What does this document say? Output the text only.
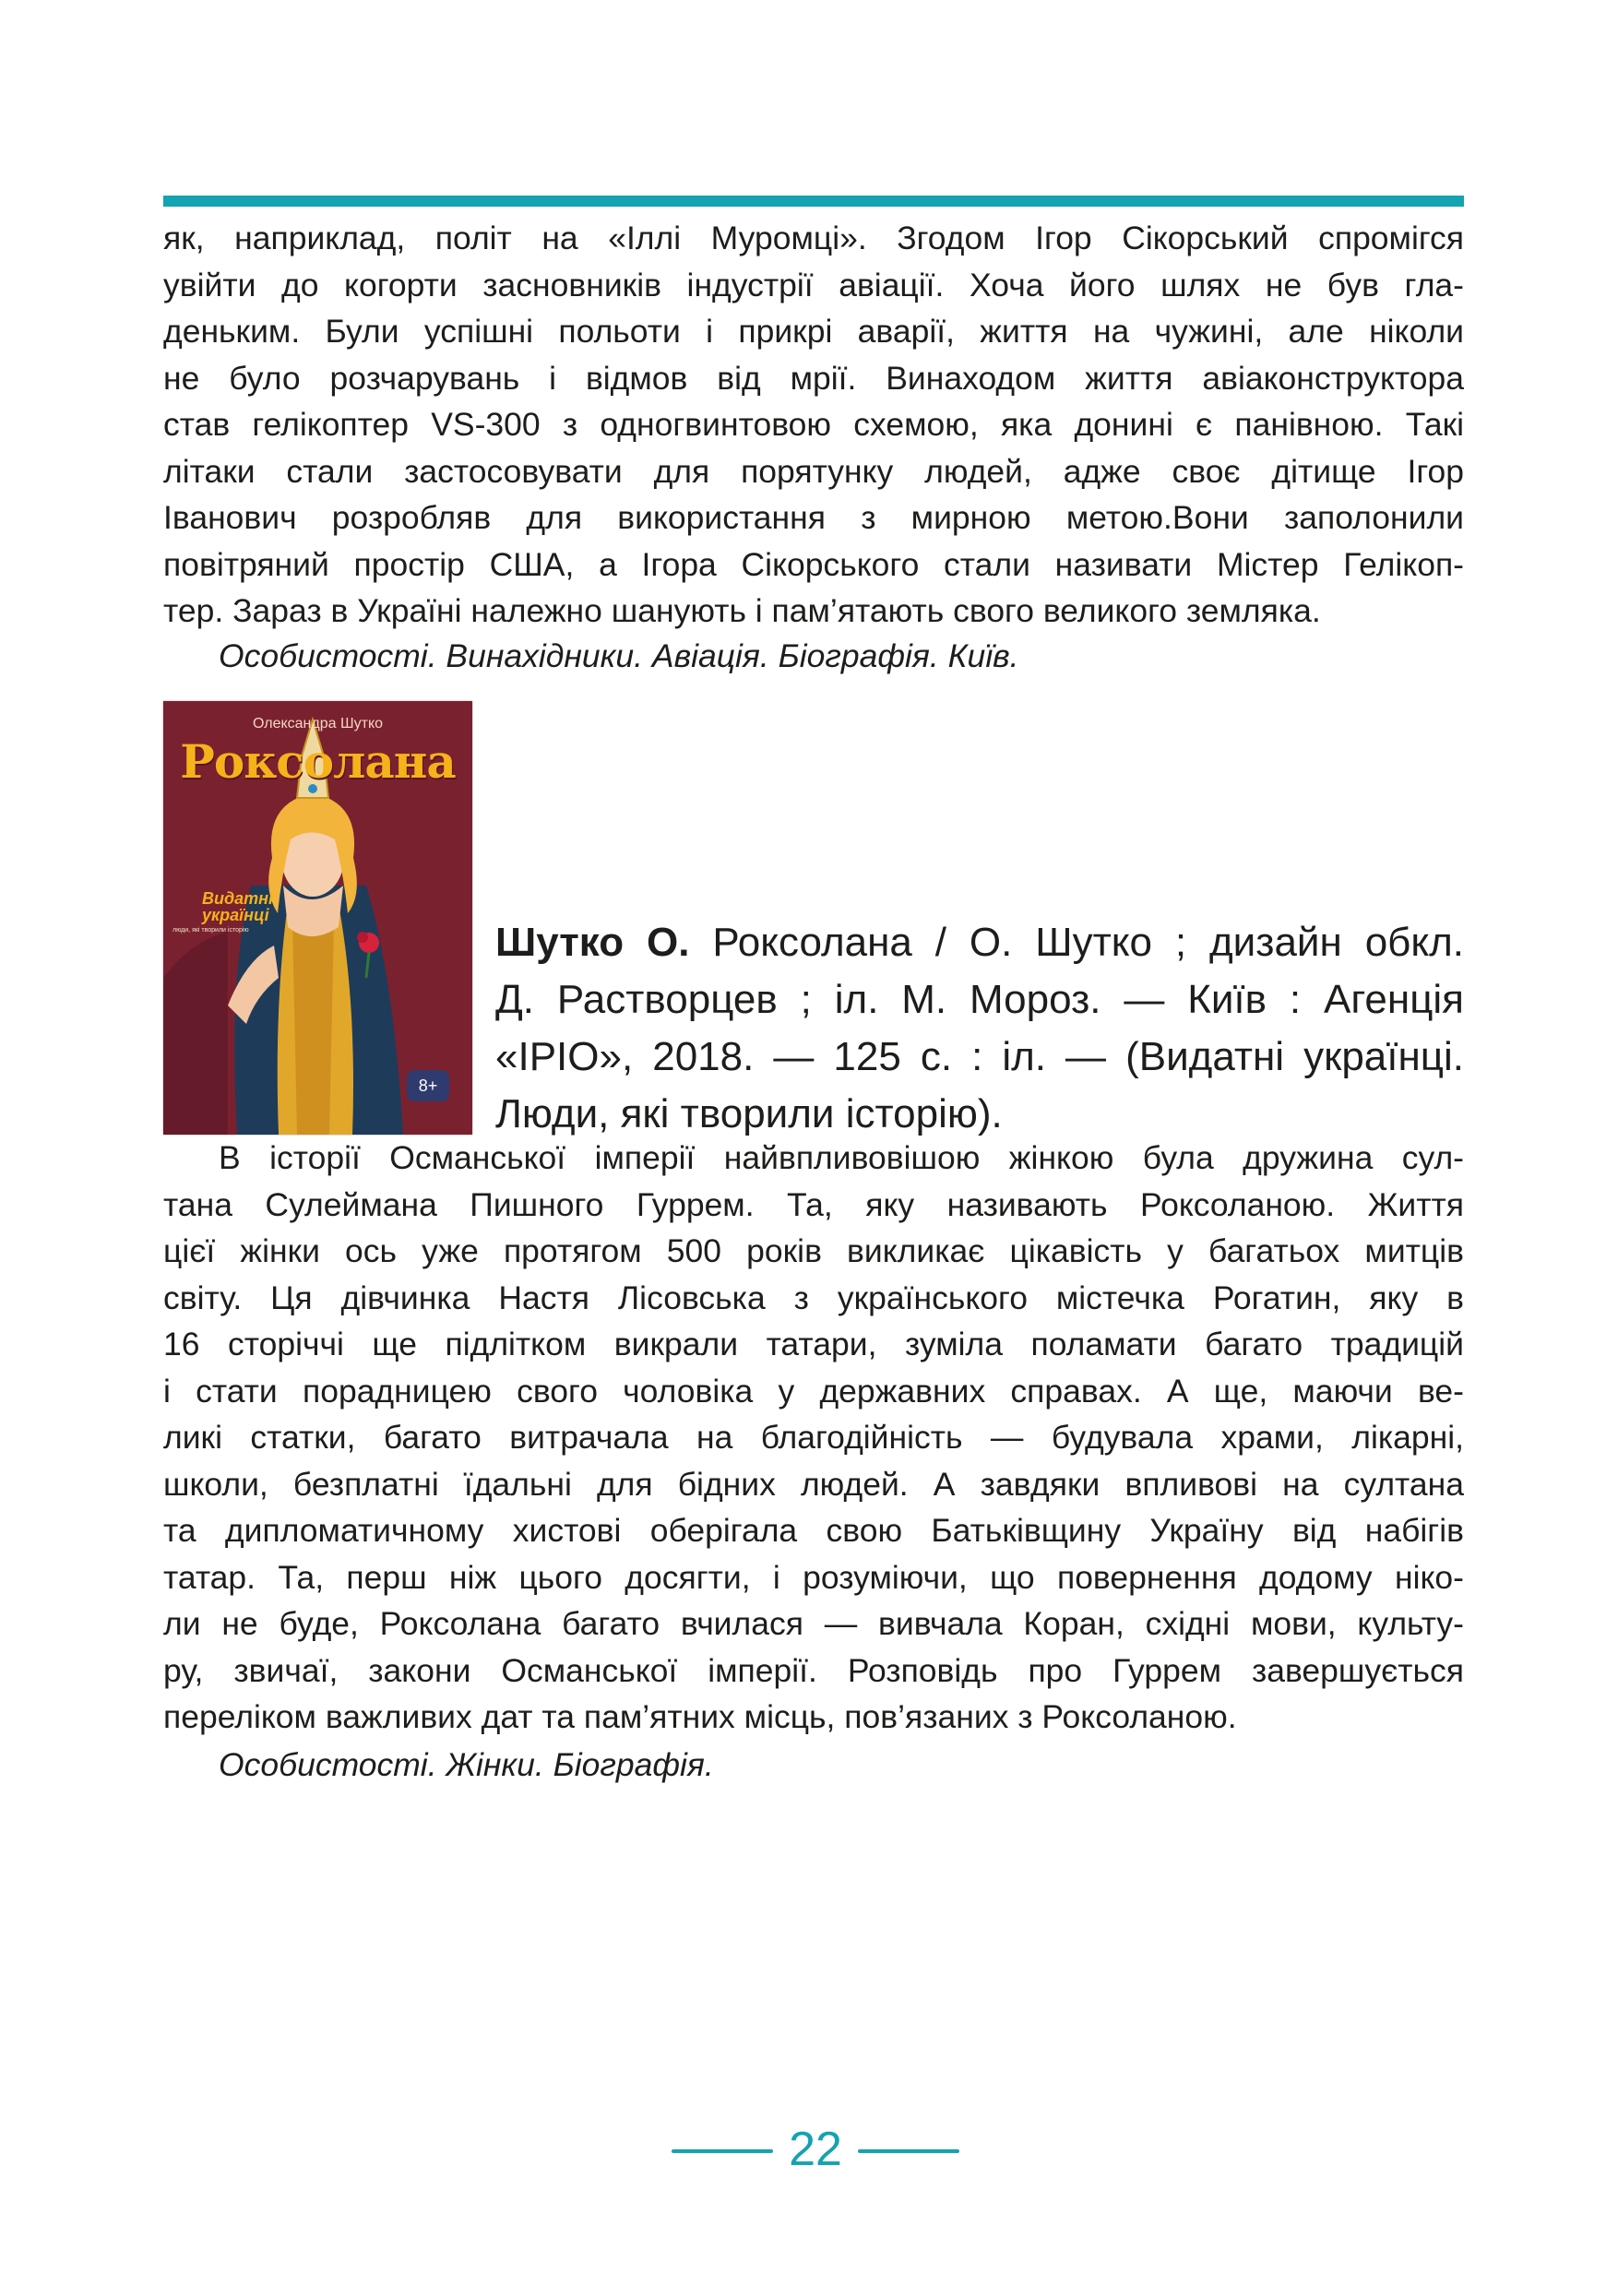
як, наприклад, політ на «Іллі Муромці». Згодом Ігор Сікорський спромігся
увійти до когорти засновників індустрії авіації. Хоча його шлях не був гла-
деньким. Були успішні польоти і прикрі аварії, життя на чужині, але ніколи
не було розчарувань і відмов від мрії. Винаходом життя авіаконструктора
став гелікоптер VS-300 з одногвинтовою схемою, яка донині є панівною. Такі
літаки стали застосовувати для порятунку людей, адже своє дітище Ігор
Іванович розробляв для використання з мирною метою.Вони заполонили
повітряний простір США, а Ігора Сікорського стали називати Містер Гелікоп-
тер. Зараз в Україні належно шанують і пам’ятають свого великого земляка.

Особистості. Винахідники. Авіація. Біографія. Київ.

Олександра Шутко
Роксолана
Видатні українці
люди, які творили історію
8+
Шутко О. Роксолана / О. Шутко ; дизайн обкл.
Д. Растворцев ; іл. М. Мороз. — Київ : Агенція
«ІРІО», 2018. — 125 с. : іл. — (Видатні українці.
Люди, які творили історію).
В історії Османської імперії найвпливовішою жінкою була дружина сул-
тана Сулеймана Пишного Гуррем. Та, яку називають Роксоланою. Життя
цієї жінки ось уже протягом 500 років викликає цікавість у багатьох митців
світу. Ця дівчинка Настя Лісовська з українського містечка Рогатин, яку в
16 сторіччі ще підлітком викрали татари, зуміла поламати багато традицій
і стати порадницею свого чоловіка у державних справах. А ще, маючи ве-
ликі статки, багато витрачала на благодійність — будувала храми, лікарні,
школи, безплатні їдальні для бідних людей. А завдяки впливові на султана
та дипломатичному хистові оберігала свою Батьківщину Україну від набігів
татар. Та, перш ніж цього досягти, і розуміючи, що повернення додому ніко-
ли не буде, Роксолана багато вчилася — вивчала Коран, східні мови, культу-
ру, звичаї, закони Османської імперії. Розповідь про Гуррем завершується
переліком важливих дат та пам’ятних місць, пов’язаних з Роксоланою.

Особистості. Жінки. Біографія.

22
